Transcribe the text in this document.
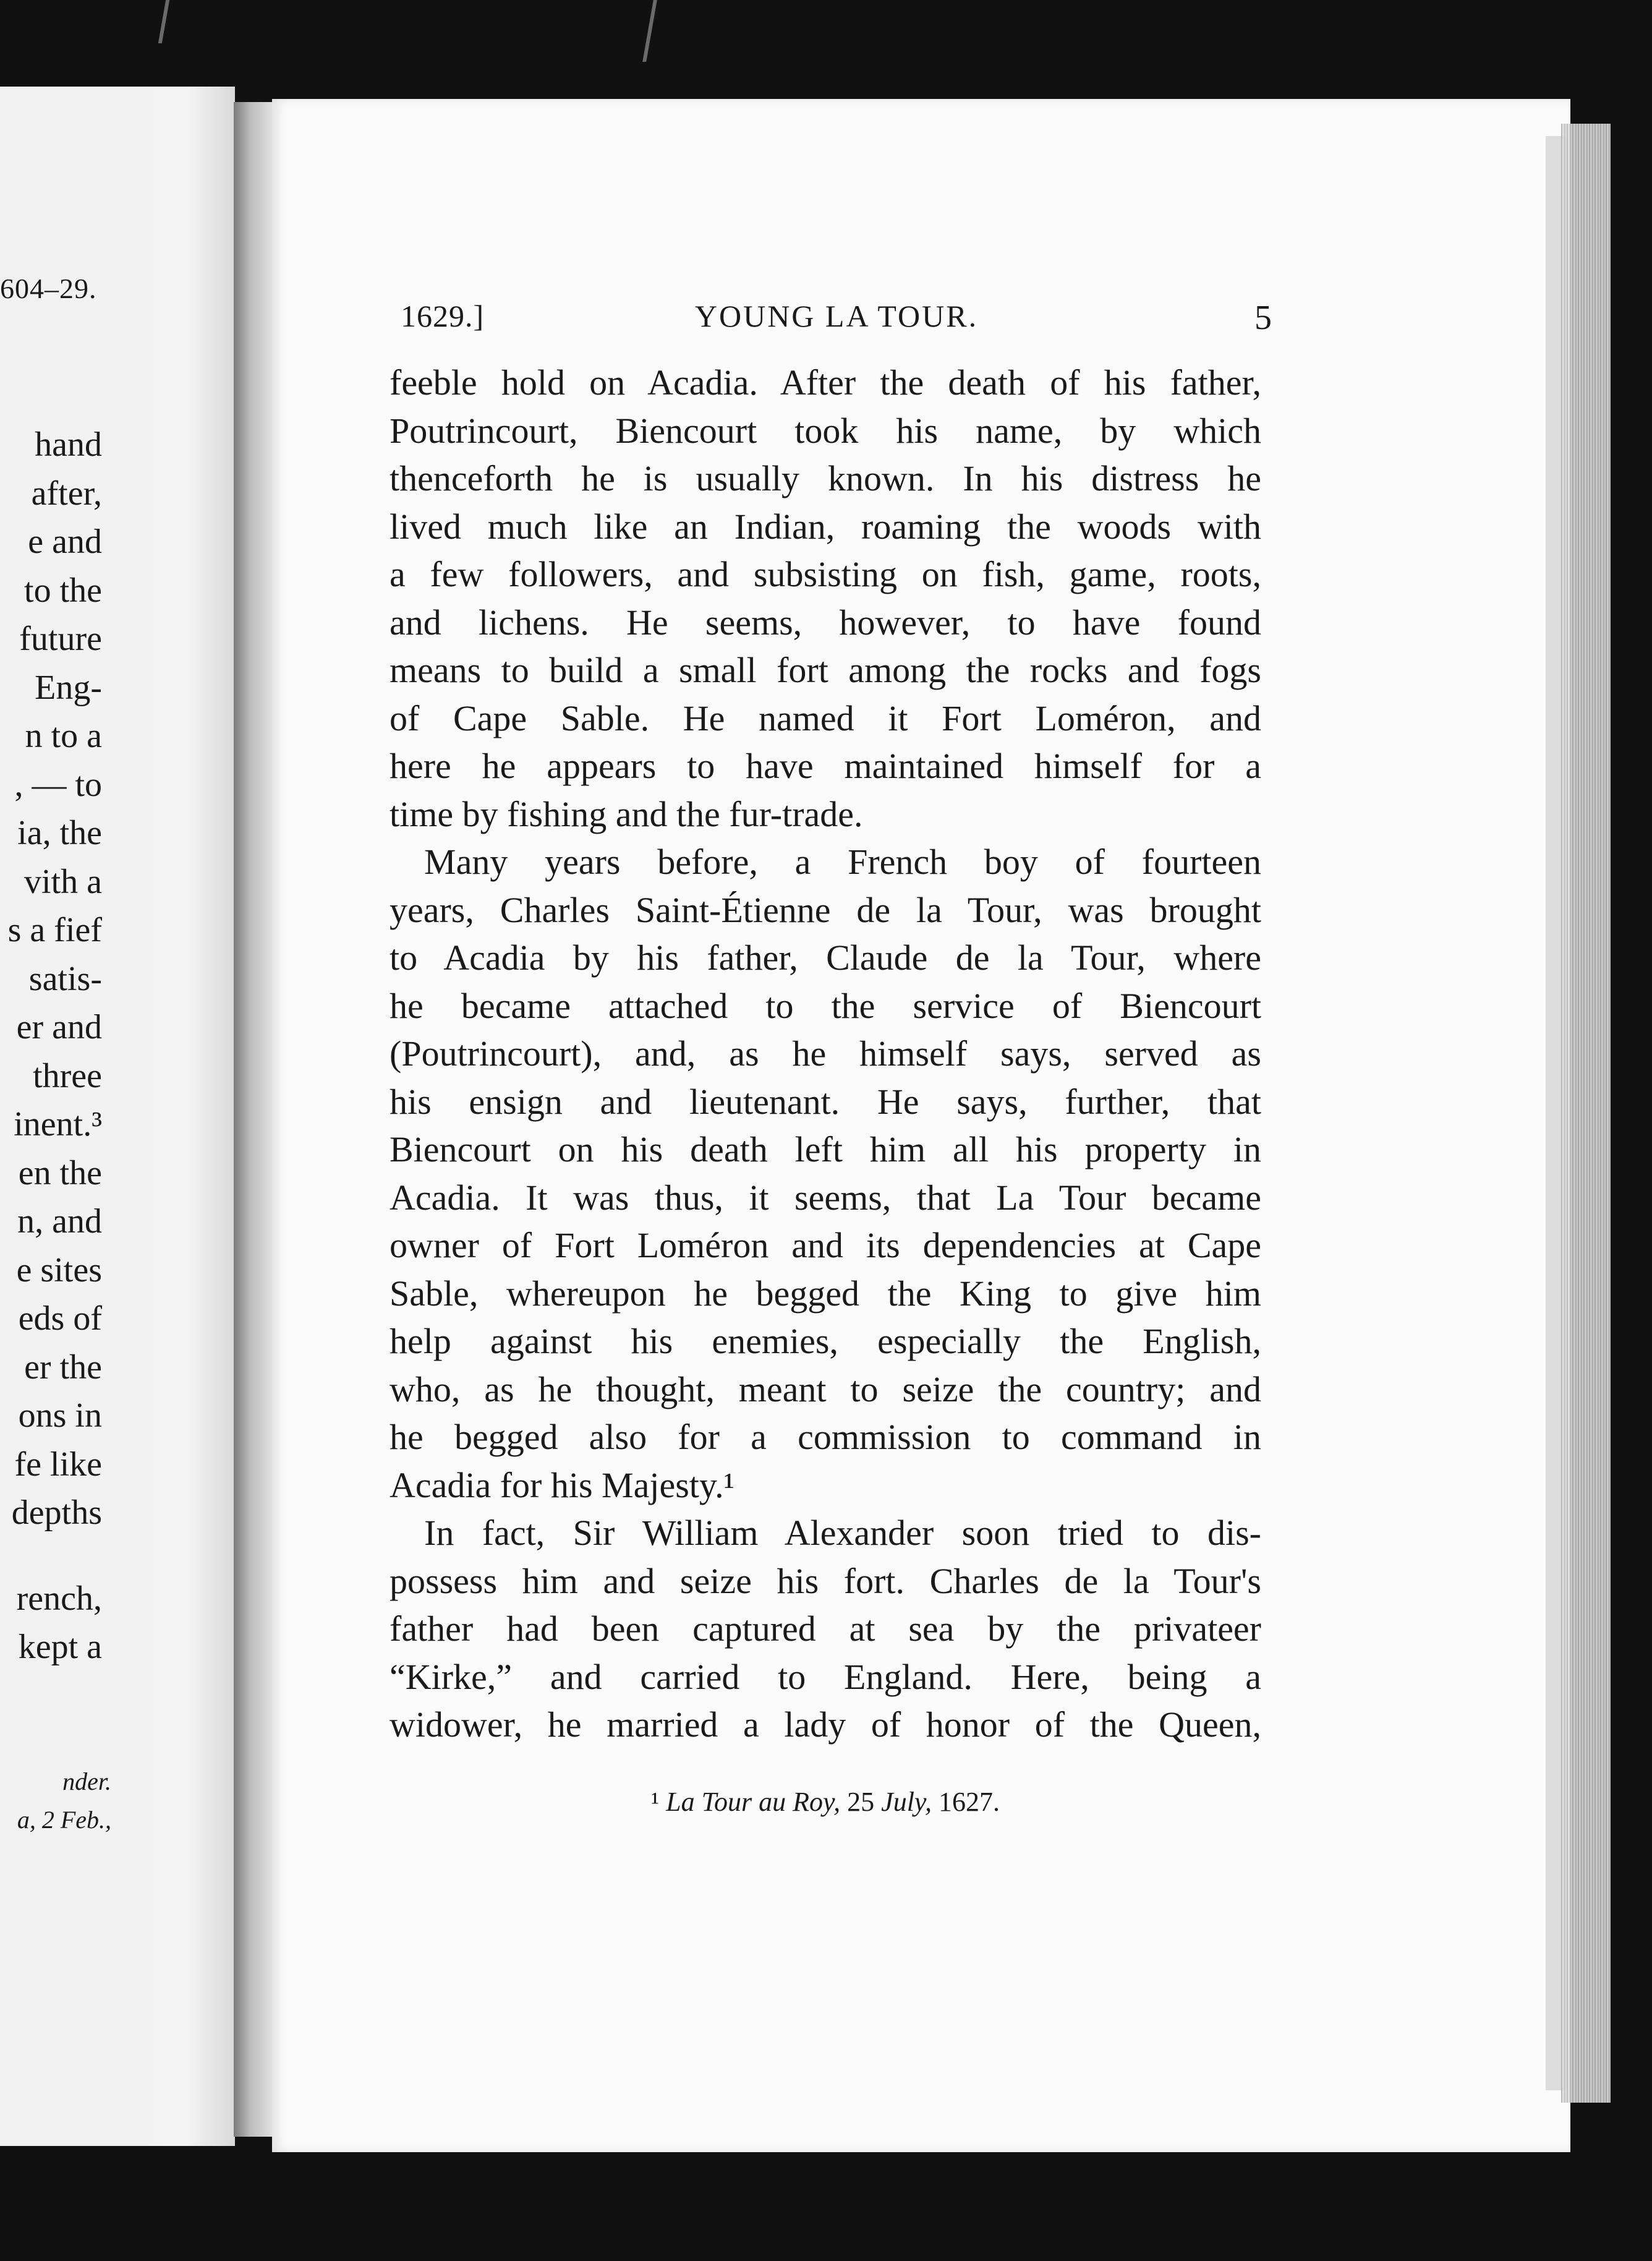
604–29.
hand
after,
e and
to the
future
Eng-
n to a
, — to
ia, the
vith a
s a fief
satis-
er and
three
inent.³
en the
n, and
e sites
eds of
er the
ons in
fe like
depths
rench,
kept a
nder.
a, 2 Feb.,
1629.]	YOUNG LA TOUR.	5
feeble hold on Acadia. After the death of his father,
Poutrincourt, Biencourt took his name, by which
thenceforth he is usually known. In his distress he
lived much like an Indian, roaming the woods with
a few followers, and subsisting on fish, game, roots,
and lichens. He seems, however, to have found
means to build a small fort among the rocks and fogs
of Cape Sable. He named it Fort Loméron, and
here he appears to have maintained himself for a
time by fishing and the fur-trade.
Many years before, a French boy of fourteen
years, Charles Saint-Étienne de la Tour, was brought
to Acadia by his father, Claude de la Tour, where
he became attached to the service of Biencourt
(Poutrincourt), and, as he himself says, served as
his ensign and lieutenant. He says, further, that
Biencourt on his death left him all his property in
Acadia. It was thus, it seems, that La Tour became
owner of Fort Loméron and its dependencies at Cape
Sable, whereupon he begged the King to give him
help against his enemies, especially the English,
who, as he thought, meant to seize the country; and
he begged also for a commission to command in
Acadia for his Majesty.¹
In fact, Sir William Alexander soon tried to dis-
possess him and seize his fort. Charles de la Tour's
father had been captured at sea by the privateer
“Kirke,” and carried to England. Here, being a
widower, he married a lady of honor of the Queen,
¹ La Tour au Roy, 25 July, 1627.
